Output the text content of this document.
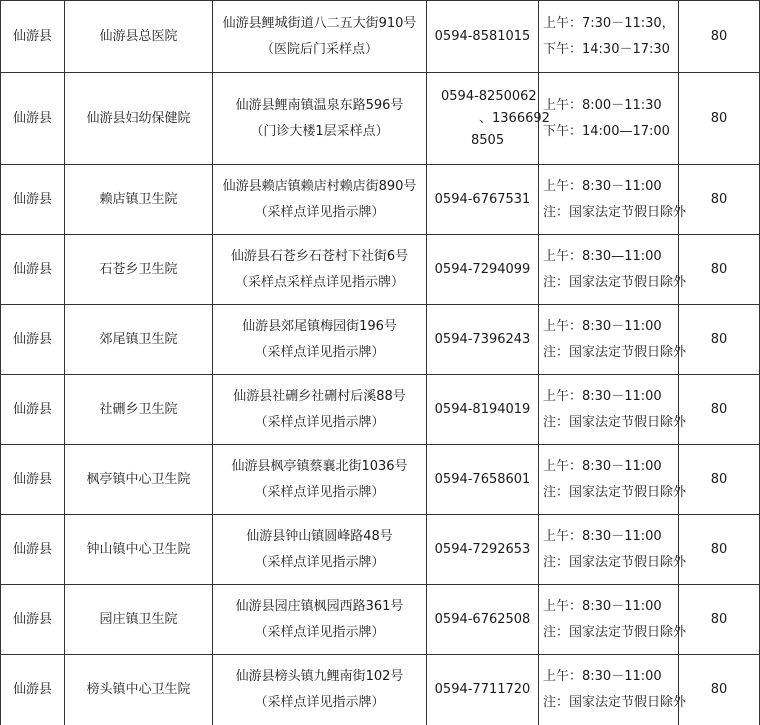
仙游县	仙游县总医院	仙游县鲤城街道八二五大街910号
（医院后门采样点）	0594-8581015	上午：7:30－11:30，
下午：14:30－17:30	80
仙游县	仙游县妇幼保健院	仙游县鲤南镇温泉东路596号
（门诊大楼1层采样点）	0594-8250062
、1366692
8505	上午：8:00－11:30
下午：14:00—17:00	80
仙游县	赖店镇卫生院	仙游县赖店镇赖店村赖店街890号
（采样点详见指示牌）	0594-6767531	上午：8:30－11:00
注：国家法定节假日除外	80
仙游县	石苍乡卫生院	仙游县石苍乡石苍村下社街6号
（采样点采样点详见指示牌）	0594-7294099	上午：8:30—11:00
注：国家法定节假日除外	80
仙游县	郊尾镇卫生院	仙游县郊尾镇梅园街196号
（采样点详见指示牌）	0594-7396243	上午：8:30－11:00
注：国家法定节假日除外	80
仙游县	社硎乡卫生院	仙游县社硎乡社硎村后溪88号
（采样点详见指示牌）	0594-8194019	上午：8:30－11:00
注：国家法定节假日除外	80
仙游县	枫亭镇中心卫生院	仙游县枫亭镇蔡襄北街1036号
（采样点详见指示牌）	0594-7658601	上午：8:30－11:00
注：国家法定节假日除外	80
仙游县	钟山镇中心卫生院	仙游县钟山镇圆峰路48号
（采样点详见指示牌）	0594-7292653	上午：8:30－11:00
注：国家法定节假日除外	80
仙游县	园庄镇卫生院	仙游县园庄镇枫园西路361号
（采样点详见指示牌）	0594-6762508	上午：8:30－11:00
注：国家法定节假日除外	80
仙游县	榜头镇中心卫生院	仙游县榜头镇九鲤南街102号
（采样点详见指示牌）	0594-7711720	上午：8:30－11:00
注：国家法定节假日除外	80
